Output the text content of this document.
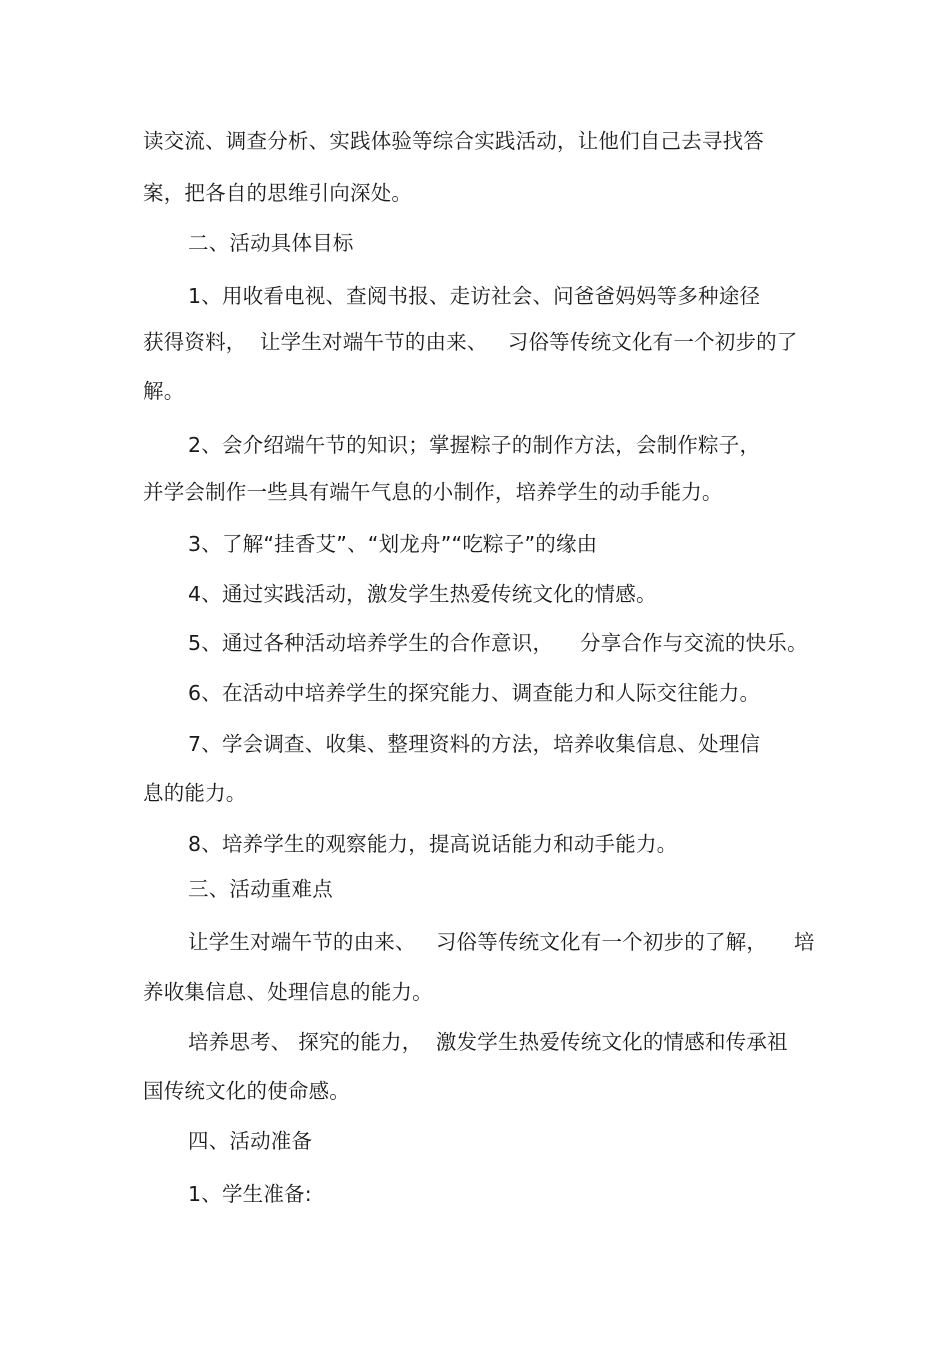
读交流、调查分析、实践体验等综合实践活动，让他们自己去寻找答
案，把各自的思维引向深处。
二、活动具体目标
1、用收看电视、查阅书报、走访社会、问爸爸妈妈等多种途径
获得资料，  让学生对端午节的由来、   习俗等传统文化有一个初步的了
解。
2、会介绍端午节的知识；掌握粽子的制作方法，会制作粽子，
并学会制作一些具有端午气息的小制作，培养学生的动手能力。
3、了解“挂香艾”、“划龙舟”“吃粽子”的缘由
4、通过实践活动，激发学生热爱传统文化的情感。
5、通过各种活动培养学生的合作意识，    分享合作与交流的快乐。
6、在活动中培养学生的探究能力、调查能力和人际交往能力。
7、学会调查、收集、整理资料的方法，培养收集信息、处理信
息的能力。
8、培养学生的观察能力，提高说话能力和动手能力。
三、活动重难点
让学生对端午节的由来、   习俗等传统文化有一个初步的了解，    培
养收集信息、处理信息的能力。
培养思考、 探究的能力，  激发学生热爱传统文化的情感和传承祖
国传统文化的使命感。
四、活动准备
1、学生准备:
